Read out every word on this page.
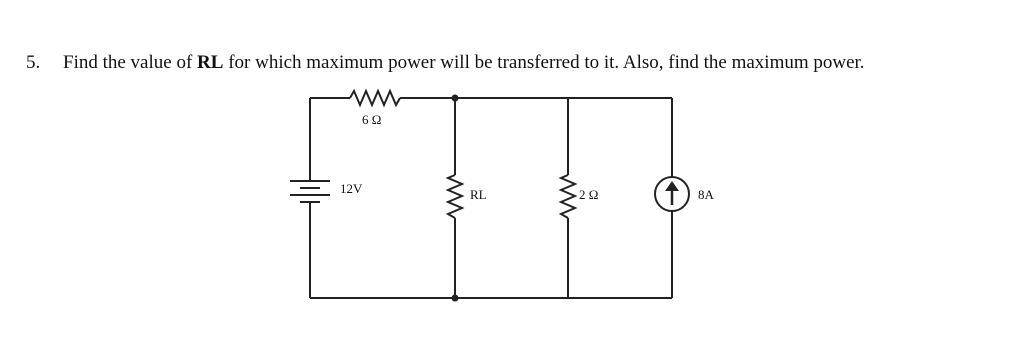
5. Find the value of RL for which maximum power will be transferred to it. Also, find the maximum power.
6 Ω
12V	RL	2 Ω	8A
